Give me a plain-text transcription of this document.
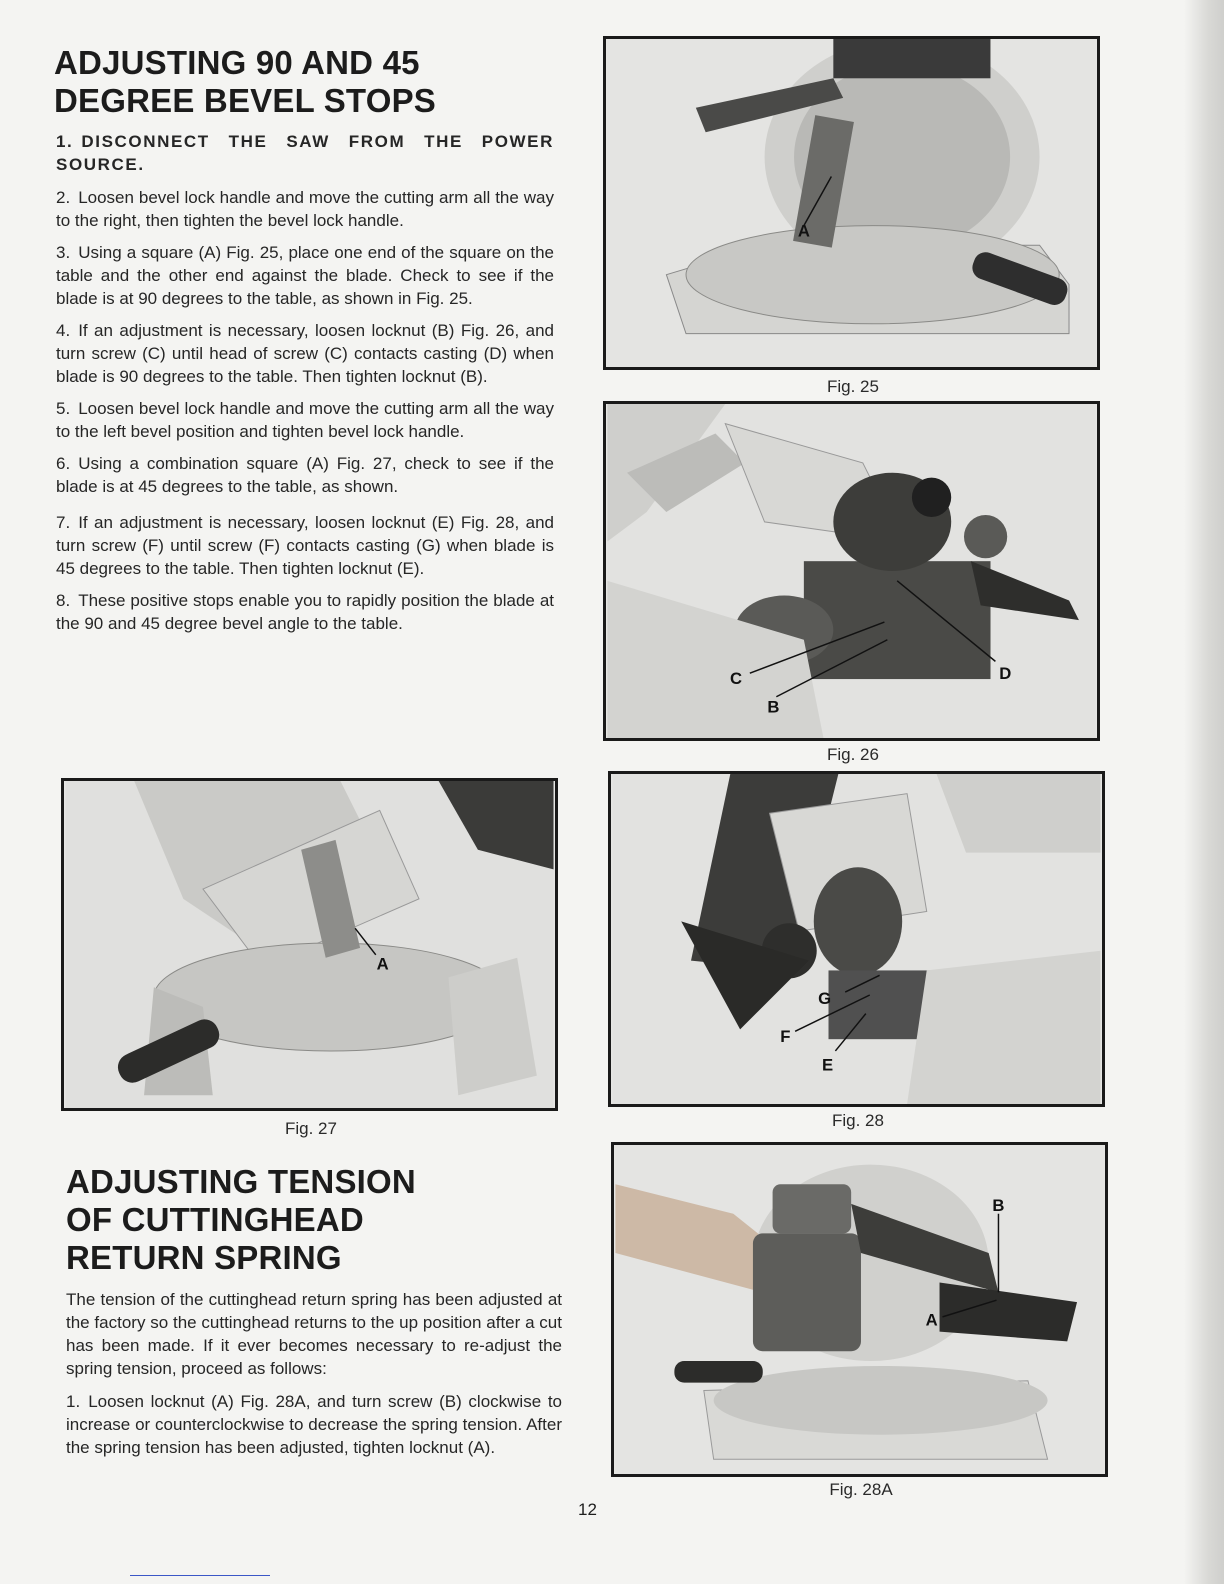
ADJUSTING 90 AND 45
DEGREE BEVEL STOPS

1. DISCONNECT THE SAW FROM THE POWER SOURCE.

2. Loosen bevel lock handle and move the cutting arm all the way to the right, then tighten the bevel lock handle.

3. Using a square (A) Fig. 25, place one end of the square on the table and the other end against the blade. Check to see if the blade is at 90 degrees to the table, as shown in Fig. 25.

4. If an adjustment is necessary, loosen locknut (B) Fig. 26, and turn screw (C) until head of screw (C) contacts casting (D) when blade is 90 degrees to the table. Then tighten locknut (B).

5. Loosen bevel lock handle and move the cutting arm all the way to the left bevel position and tighten bevel lock handle.

6. Using a combination square (A) Fig. 27, check to see if the blade is at 45 degrees to the table, as shown.

7. If an adjustment is necessary, loosen locknut (E) Fig. 28, and turn screw (F) until screw (F) contacts casting (G) when blade is 45 degrees to the table. Then tighten locknut (E).

8. These positive stops enable you to rapidly position the blade at the 90 and 45 degree bevel angle to the table.

A
Fig. 25
C
B
D
Fig. 26
A
Fig. 27
G
F
E
Fig. 28
ADJUSTING TENSION
OF CUTTINGHEAD
RETURN SPRING

The tension of the cuttinghead return spring has been adjusted at the factory so the cuttinghead returns to the up position after a cut has been made. If it ever becomes necessary to re-adjust the spring tension, proceed as follows:

1. Loosen locknut (A) Fig. 28A, and turn screw (B) clockwise to increase or counterclockwise to decrease the spring tension. After the spring tension has been adjusted, tighten locknut (A).

B
A
Fig. 28A
12
